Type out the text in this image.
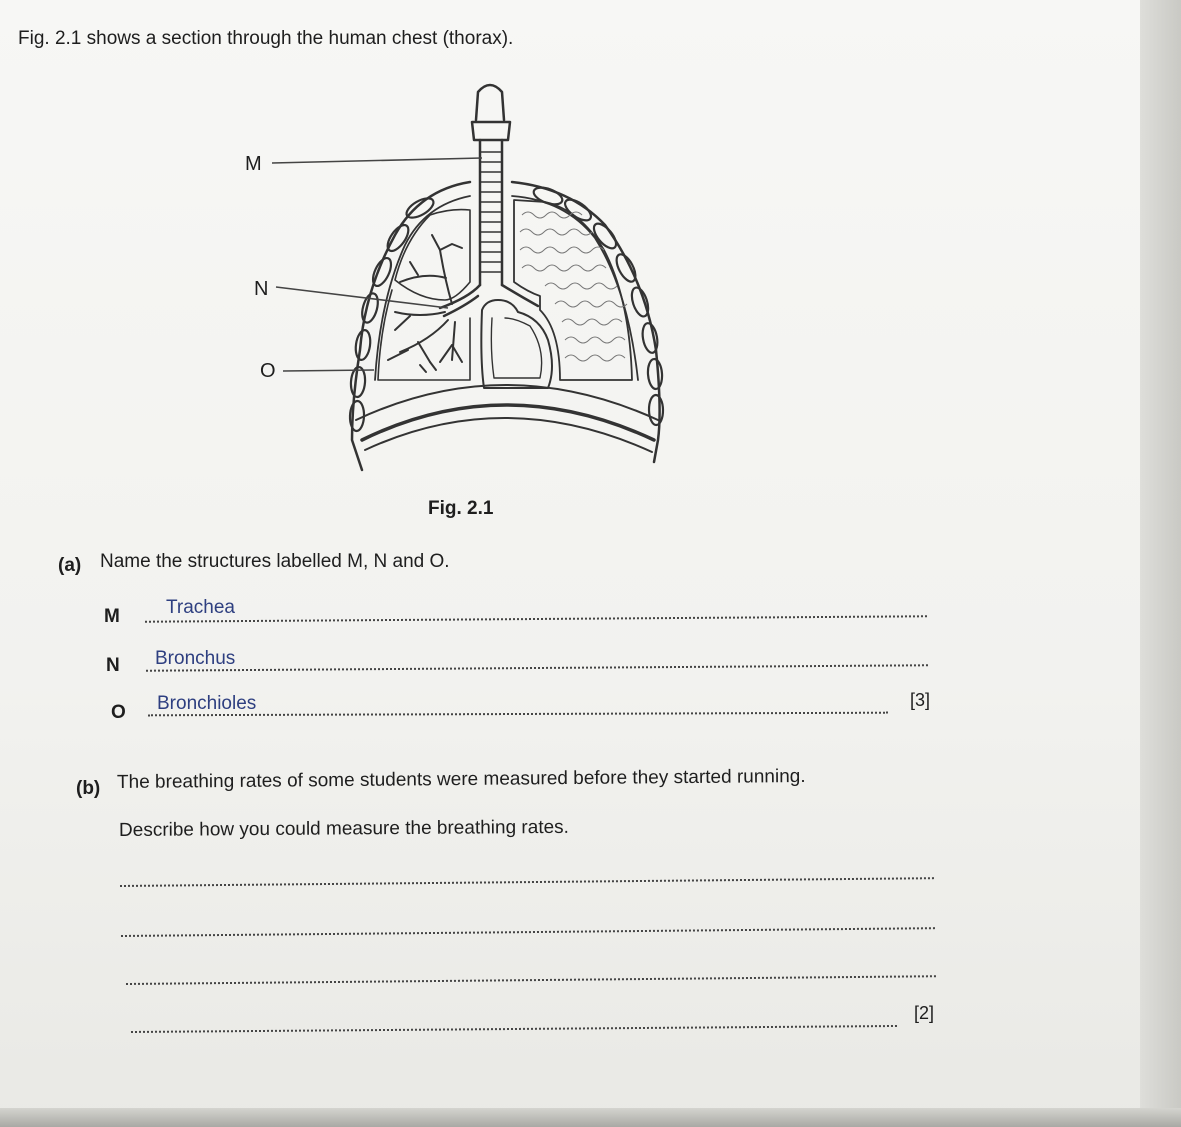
Fig. 2.1 shows a section through the human chest (thorax).
M
N
O
Fig. 2.1
(a) Name the structures labelled M, N and O.
M Trachea
N Bronchus
O Bronchioles	[3]
(b) The breathing rates of some students were measured before they started running.
Describe how you could measure the breathing rates.
[2]
